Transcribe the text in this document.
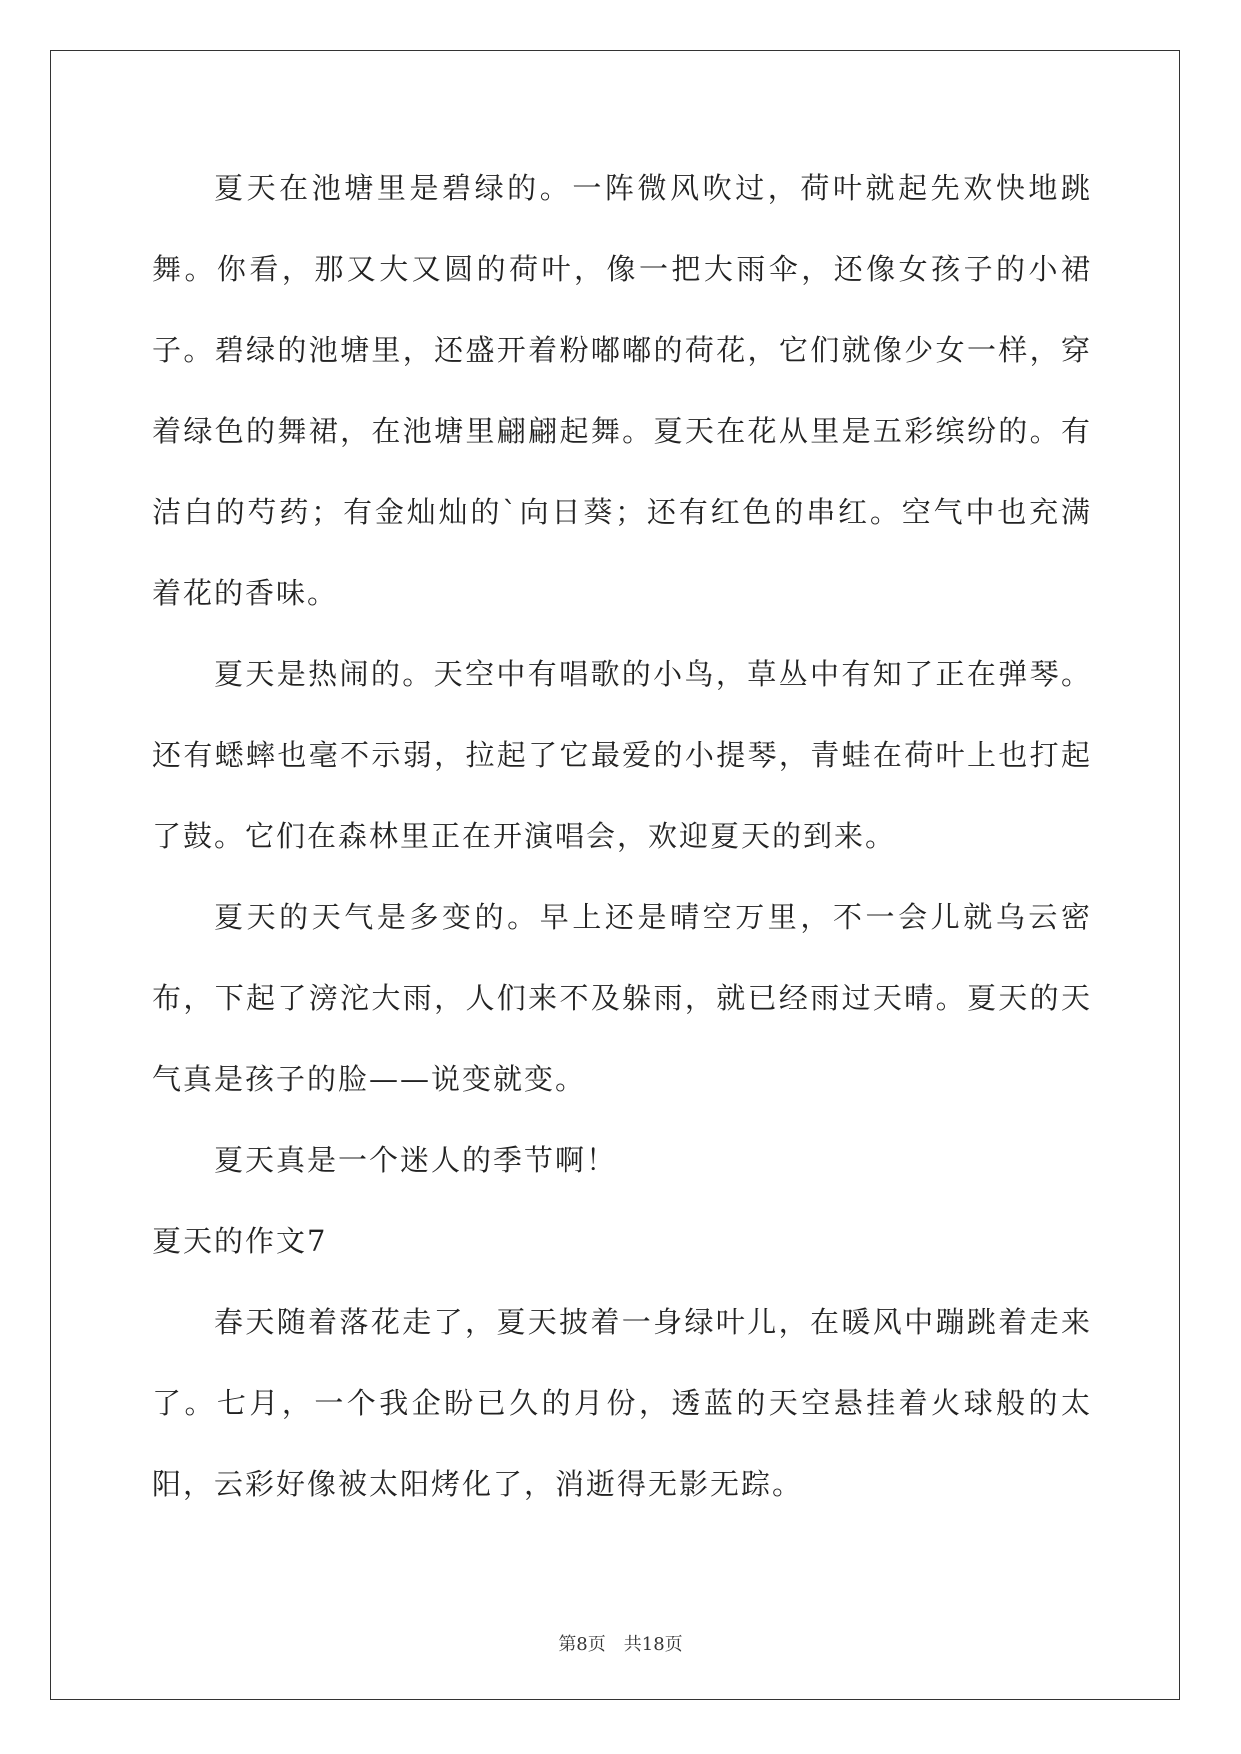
夏天在池塘里是碧绿的。一阵微风吹过，荷叶就起先欢快地跳舞。你看，那又大又圆的荷叶，像一把大雨伞，还像女孩子的小裙子。碧绿的池塘里，还盛开着粉嘟嘟的荷花，它们就像少女一样，穿着绿色的舞裙，在池塘里翩翩起舞。夏天在花从里是五彩缤纷的。有洁白的芍药；有金灿灿的`向日葵；还有红色的串红。空气中也充满着花的香味。

夏天是热闹的。天空中有唱歌的小鸟，草丛中有知了正在弹琴。还有蟋蟀也毫不示弱，拉起了它最爱的小提琴，青蛙在荷叶上也打起了鼓。它们在森林里正在开演唱会，欢迎夏天的到来。

夏天的天气是多变的。早上还是晴空万里，不一会儿就乌云密布，下起了滂沱大雨，人们来不及躲雨，就已经雨过天晴。夏天的天气真是孩子的脸——说变就变。

夏天真是一个迷人的季节啊！

夏天的作文7

春天随着落花走了，夏天披着一身绿叶儿，在暖风中蹦跳着走来了。七月，一个我企盼已久的月份，透蓝的天空悬挂着火球般的太阳，云彩好像被太阳烤化了，消逝得无影无踪。

第8页　共18页
